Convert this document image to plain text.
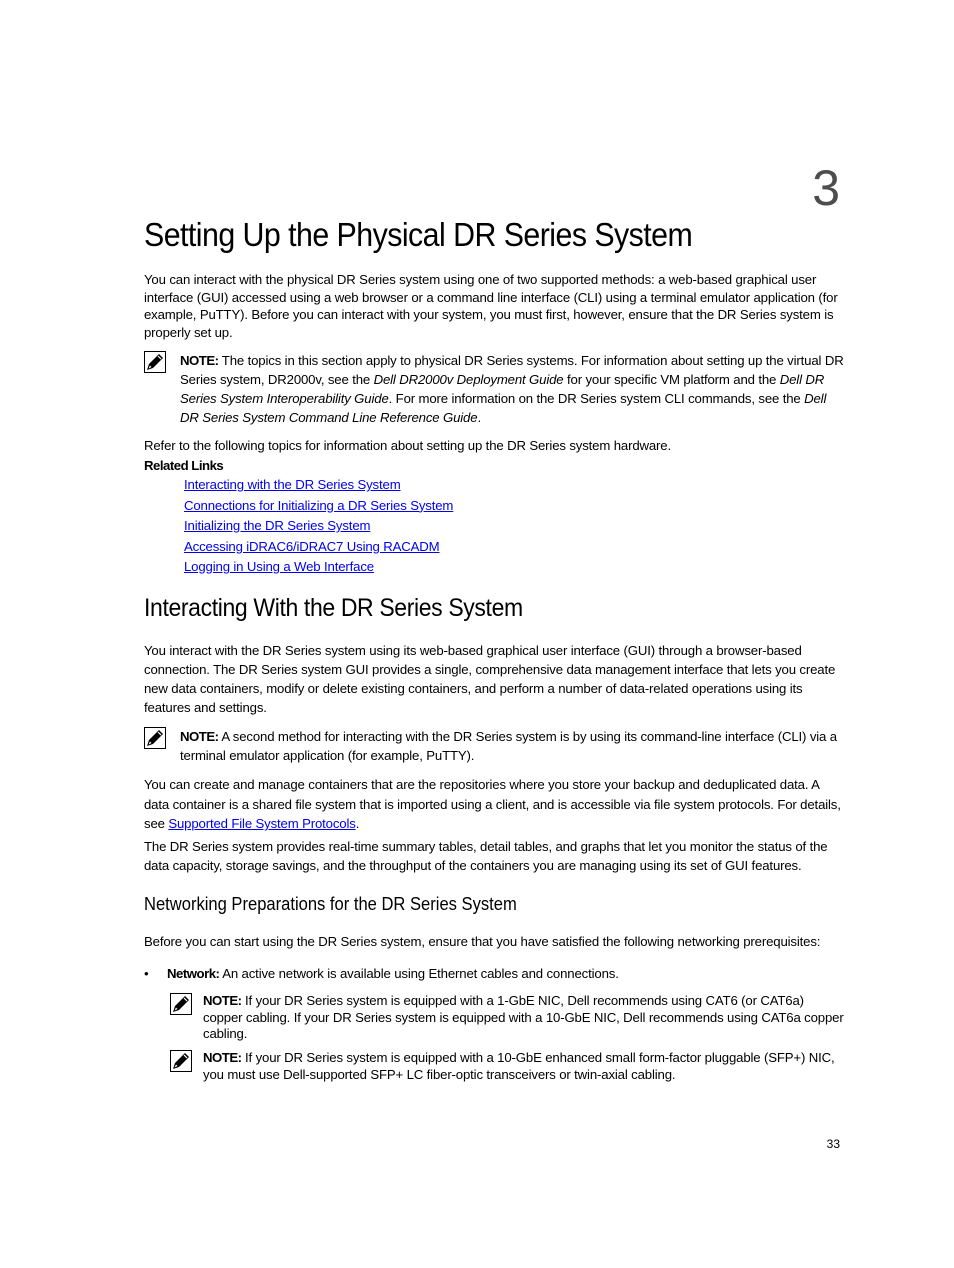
3
Setting Up the Physical DR Series System

You can interact with the physical DR Series system using one of two supported methods: a web-based graphical user interface (GUI) accessed using a web browser or a command line interface (CLI) using a terminal emulator application (for example, PuTTY). Before you can interact with your system, you must first, however, ensure that the DR Series system is properly set up.

NOTE: The topics in this section apply to physical DR Series systems. For information about setting up the virtual DR Series system, DR2000v, see the Dell DR2000v Deployment Guide for your specific VM platform and the Dell DR Series System Interoperability Guide. For more information on the DR Series system CLI commands, see the Dell DR Series System Command Line Reference Guide.

Refer to the following topics for information about setting up the DR Series system hardware.

Related Links
Interacting with the DR Series System
Connections for Initializing a DR Series System
Initializing the DR Series System
Accessing iDRAC6/iDRAC7 Using RACADM
Logging in Using a Web Interface
Interacting With the DR Series System

You interact with the DR Series system using its web-based graphical user interface (GUI) through a browser-based connection. The DR Series system GUI provides a single, comprehensive data management interface that lets you create new data containers, modify or delete existing containers, and perform a number of data-related operations using its features and settings.

NOTE: A second method for interacting with the DR Series system is by using its command-line interface (CLI) via a terminal emulator application (for example, PuTTY).

You can create and manage containers that are the repositories where you store your backup and deduplicated data. A data container is a shared file system that is imported using a client, and is accessible via file system protocols. For details, see Supported File System Protocols.

The DR Series system provides real-time summary tables, detail tables, and graphs that let you monitor the status of the data capacity, storage savings, and the throughput of the containers you are managing using its set of GUI features.

Networking Preparations for the DR Series System

Before you can start using the DR Series system, ensure that you have satisfied the following networking prerequisites:

• Network: An active network is available using Ethernet cables and connections.
NOTE: If your DR Series system is equipped with a 1-GbE NIC, Dell recommends using CAT6 (or CAT6a) copper cabling. If your DR Series system is equipped with a 10-GbE NIC, Dell recommends using CAT6a copper cabling.
NOTE: If your DR Series system is equipped with a 10-GbE enhanced small form-factor pluggable (SFP+) NIC, you must use Dell-supported SFP+ LC fiber-optic transceivers or twin-axial cabling.
33
